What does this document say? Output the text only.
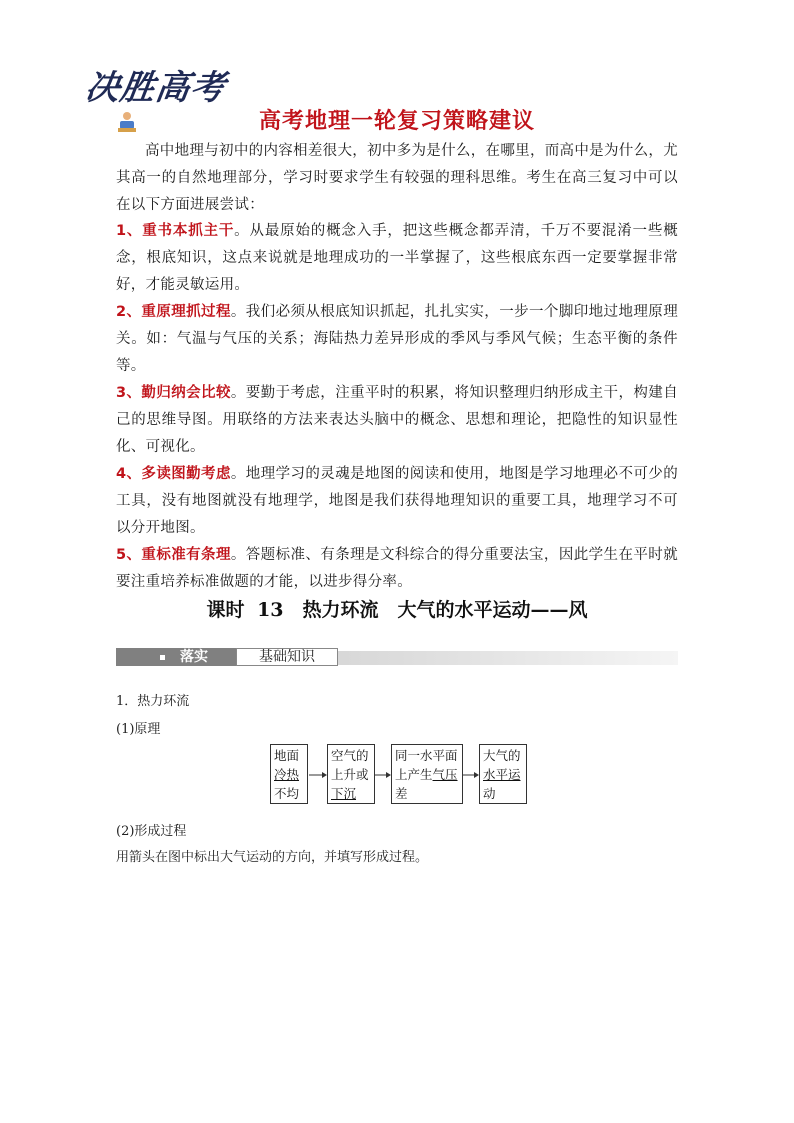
决胜高考
高考地理一轮复习策略建议
高中地理与初中的内容相差很大，初中多为是什么，在哪里，而高中是为什么，尤其高一的自然地理部分，学习时要求学生有较强的理科思维。考生在高三复习中可以在以下方面进展尝试：

1、重书本抓主干。从最原始的概念入手，把这些概念都弄清，千万不要混淆一些概念，根底知识，这点来说就是地理成功的一半掌握了，这些根底东西一定要掌握非常好，才能灵敏运用。

2、重原理抓过程。我们必须从根底知识抓起，扎扎实实，一步一个脚印地过地理原理关。如：气温与气压的关系；海陆热力差异形成的季风与季风气候；生态平衡的条件等。

3、勤归纳会比较。要勤于考虑，注重平时的积累，将知识整理归纳形成主干，构建自己的思维导图。用联络的方法来表达头脑中的概念、思想和理论，把隐性的知识显性化、可视化。

4、多读图勤考虑。地理学习的灵魂是地图的阅读和使用，地图是学习地理必不可少的工具，没有地图就没有地理学，地图是我们获得地理知识的重要工具，地理学习不可以分开地图。

5、重标准有条理。答题标准、有条理是文科综合的得分重要法宝，因此学生在平时就要注重培养标准做题的才能，以进步得分率。

课时 13　热力环流　大气的水平运动——风
落实	基础知识
1．热力环流
(1)原理
地面
冷热
不均
空气的
上升或
下沉
同一水平面
上产生气压
差
大气的
水平运
动
(2)形成过程
用箭头在图中标出大气运动的方向，并填写形成过程。
